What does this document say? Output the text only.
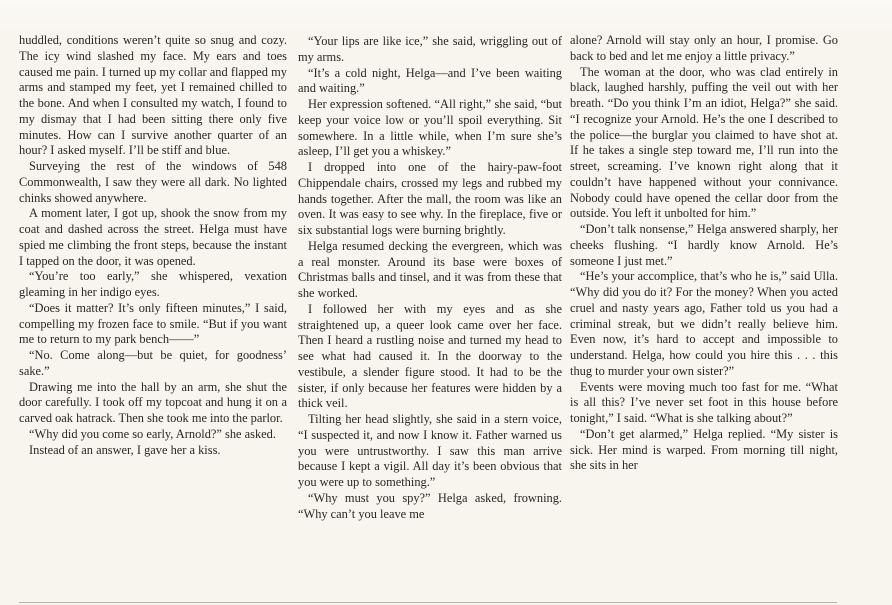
huddled, conditions weren’t quite so snug and cozy. The icy wind slashed my face. My ears and toes caused me pain. I turned up my collar and flapped my arms and stamped my feet, yet I remained chilled to the bone. And when I consulted my watch, I found to my dismay that I had been sitting there only five minutes. How can I survive another quarter of an hour? I asked myself. I’ll be stiff and blue.

Surveying the rest of the windows of 548 Commonwealth, I saw they were all dark. No lighted chinks showed anywhere.

A moment later, I got up, shook the snow from my coat and dashed across the street. Helga must have spied me climbing the front steps, because the instant I tapped on the door, it was opened.

“You’re too early,” she whispered, vexation gleaming in her indigo eyes.

“Does it matter? It’s only fifteen minutes,” I said, compelling my frozen face to smile. “But if you want me to return to my park bench——”

“No. Come along—but be quiet, for goodness’ sake.”

Drawing me into the hall by an arm, she shut the door carefully. I took off my topcoat and hung it on a carved oak hatrack. Then she took me into the parlor.

“Why did you come so early, Arnold?” she asked.

Instead of an answer, I gave her a kiss.

“Your lips are like ice,” she said, wriggling out of my arms.

“It’s a cold night, Helga—and I’ve been waiting and waiting.”

Her expression softened. “All right,” she said, “but keep your voice low or you’ll spoil everything. Sit somewhere. In a little while, when I’m sure she’s asleep, I’ll get you a whiskey.”

I dropped into one of the hairy-paw-foot Chippendale chairs, crossed my legs and rubbed my hands together. After the mall, the room was like an oven. It was easy to see why. In the fireplace, five or six substantial logs were burning brightly.

Helga resumed decking the evergreen, which was a real monster. Around its base were boxes of Christmas balls and tinsel, and it was from these that she worked.

I followed her with my eyes and as she straightened up, a queer look came over her face. Then I heard a rustling noise and turned my head to see what had caused it. In the doorway to the vestibule, a slender figure stood. It had to be the sister, if only because her features were hidden by a thick veil.

Tilting her head slightly, she said in a stern voice, “I suspected it, and now I know it. Father warned us you were untrustworthy. I saw this man arrive because I kept a vigil. All day it’s been obvious that you were up to something.”

“Why must you spy?” Helga asked, frowning. “Why can’t you leave me

alone? Arnold will stay only an hour, I promise. Go back to bed and let me enjoy a little privacy.”

The woman at the door, who was clad entirely in black, laughed harshly, puffing the veil out with her breath. “Do you think I’m an idiot, Helga?” she said. “I recognize your Arnold. He’s the one I described to the police—the burglar you claimed to have shot at. If he takes a single step toward me, I’ll run into the street, screaming. I’ve known right along that it couldn’t have happened without your connivance. Nobody could have opened the cellar door from the outside. You left it unbolted for him.”

“Don’t talk nonsense,” Helga answered sharply, her cheeks flushing. “I hardly know Arnold. He’s someone I just met.”

“He’s your accomplice, that’s who he is,” said Ulla. “Why did you do it? For the money? When you acted cruel and nasty years ago, Father told us you had a criminal streak, but we didn’t really believe him. Even now, it’s hard to accept and impossible to understand. Helga, how could you hire this . . . this thug to murder your own sister?”

Events were moving much too fast for me. “What is all this? I’ve never set foot in this house before tonight,” I said. “What is she talking about?”

“Don’t get alarmed,” Helga replied. “My sister is sick. Her mind is warped. From morning till night, she sits in her
